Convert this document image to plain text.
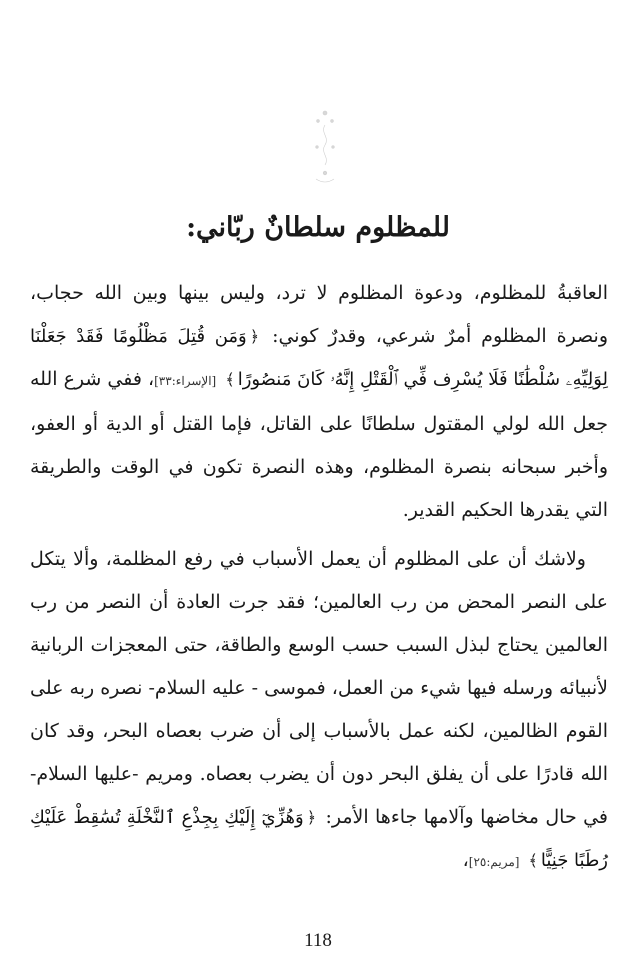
للمظلوم سلطانٌ ربّاني:

العاقبةُ للمظلوم، ودعوة المظلوم لا ترد، وليس بينها وبين الله حجاب، ونصرة المظلوم أمرٌ شرعي، وقدرٌ كوني: ﴿وَمَن قُتِلَ مَظْلُومًا فَقَدْ جَعَلْنَا لِوَلِيِّهِۦ سُلْطَٰنًا فَلَا يُسْرِف فِّي ٱلْقَتْلِ إِنَّهُۥ كَانَ مَنصُورًا﴾ [الإسراء:٣٣]، ففي شرع الله جعل الله لولي المقتول سلطانًا على القاتل، فإما القتل أو الدية أو العفو، وأخبر سبحانه بنصرة المظلوم، وهذه النصرة تكون في الوقت والطريقة التي يقدرها الحكيم القدير.

ولاشك أن على المظلوم أن يعمل الأسباب في رفع المظلمة، وألا يتكل على النصر المحض من رب العالمين؛ فقد جرت العادة أن النصر من رب العالمين يحتاج لبذل السبب حسب الوسع والطاقة، حتى المعجزات الربانية لأنبيائه ورسله فيها شيء من العمل، فموسى - عليه السلام- نصره ربه على القوم الظالمين، لكنه عمل بالأسباب إلى أن ضرب بعصاه البحر، وقد كان الله قادرًا على أن يفلق البحر دون أن يضرب بعصاه. ومريم -عليها السلام- في حال مخاضها وآلامها جاءها الأمر: ﴿وَهُزِّيٓ إِلَيْكِ بِجِذْعِ ٱلنَّخْلَةِ تُسَٰقِطْ عَلَيْكِ رُطَبًا جَنِيًّا﴾ [مريم:٢٥]،

118
